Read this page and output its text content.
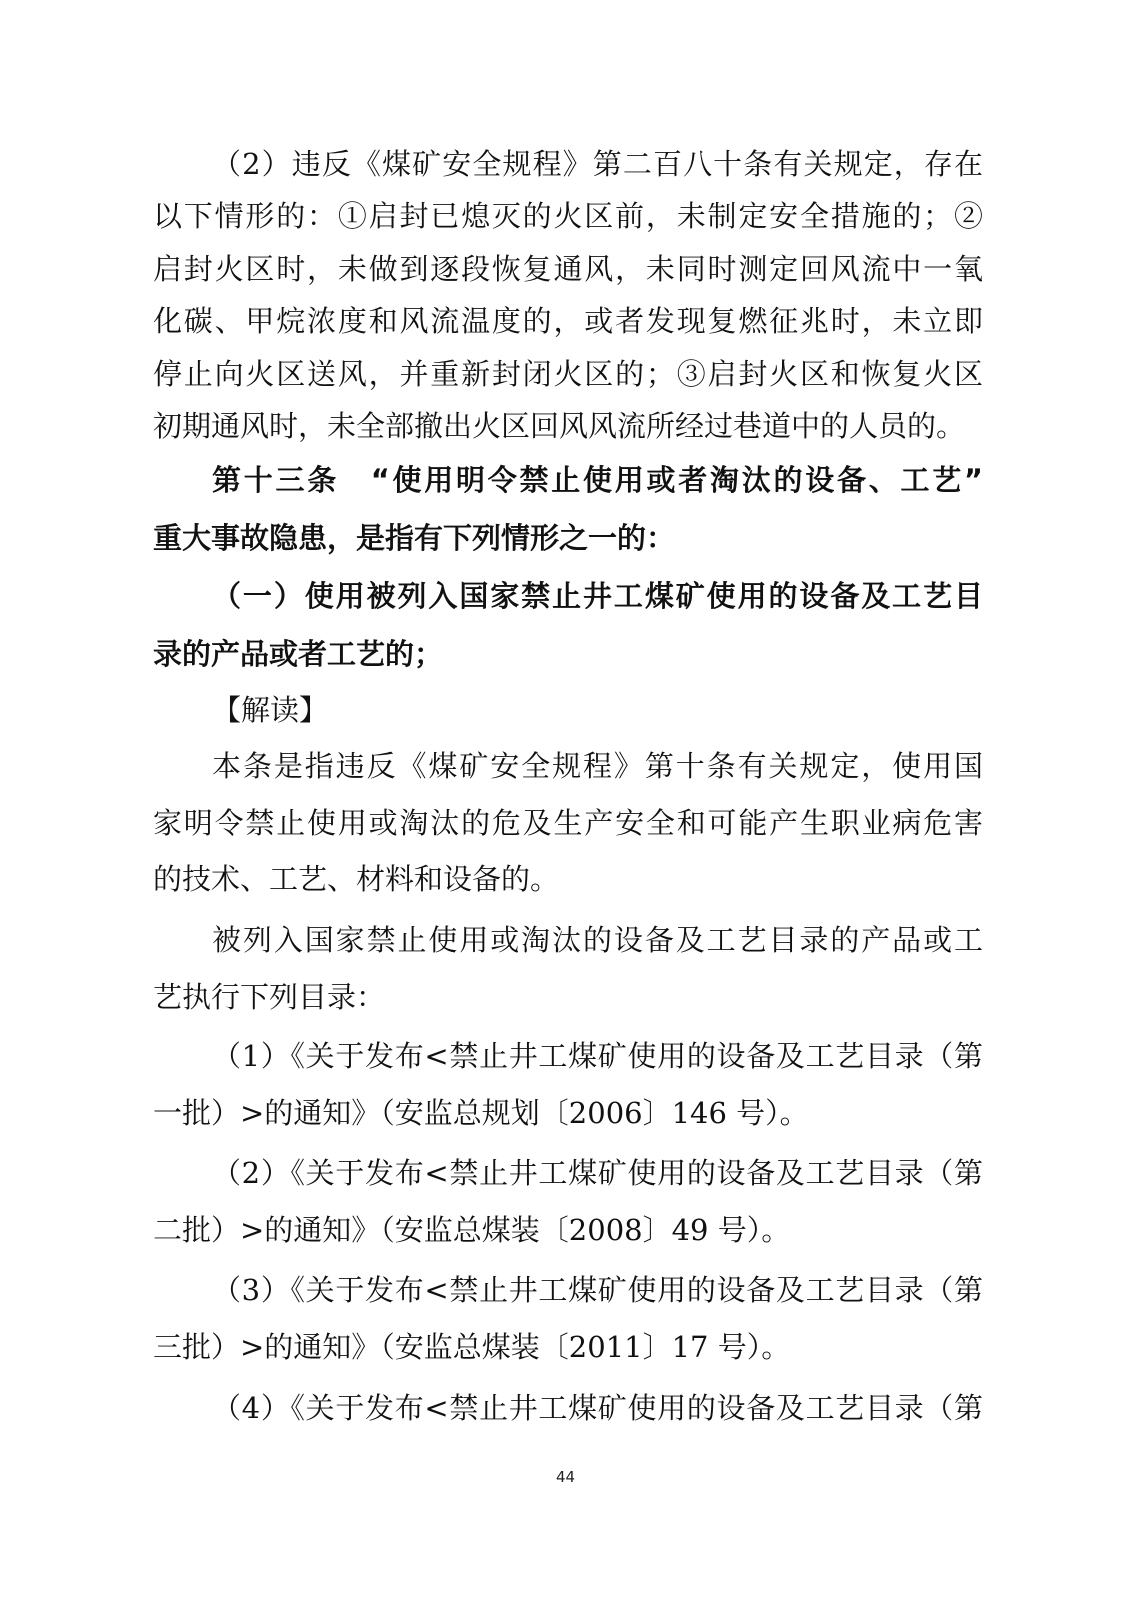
（2）违反《煤矿安全规程》第二百八十条有关规定，存在
以下情形的：①启封已熄灭的火区前，未制定安全措施的；②
启封火区时，未做到逐段恢复通风，未同时测定回风流中一氧
化碳、甲烷浓度和风流温度的，或者发现复燃征兆时，未立即
停止向火区送风，并重新封闭火区的；③启封火区和恢复火区
初期通风时，未全部撤出火区回风风流所经过巷道中的人员的。
第十三条　“使用明令禁止使用或者淘汰的设备、工艺”
重大事故隐患，是指有下列情形之一的：
（一）使用被列入国家禁止井工煤矿使用的设备及工艺目
录的产品或者工艺的；
【解读】
本条是指违反《煤矿安全规程》第十条有关规定，使用国
家明令禁止使用或淘汰的危及生产安全和可能产生职业病危害
的技术、工艺、材料和设备的。
被列入国家禁止使用或淘汰的设备及工艺目录的产品或工
艺执行下列目录：
（1）《关于发布<禁止井工煤矿使用的设备及工艺目录（第
一批）>的通知》（安监总规划〔2006〕146 号）。
（2）《关于发布<禁止井工煤矿使用的设备及工艺目录（第
二批）>的通知》（安监总煤装〔2008〕49 号）。
（3）《关于发布<禁止井工煤矿使用的设备及工艺目录（第
三批）>的通知》（安监总煤装〔2011〕17 号）。
（4）《关于发布<禁止井工煤矿使用的设备及工艺目录（第
44
